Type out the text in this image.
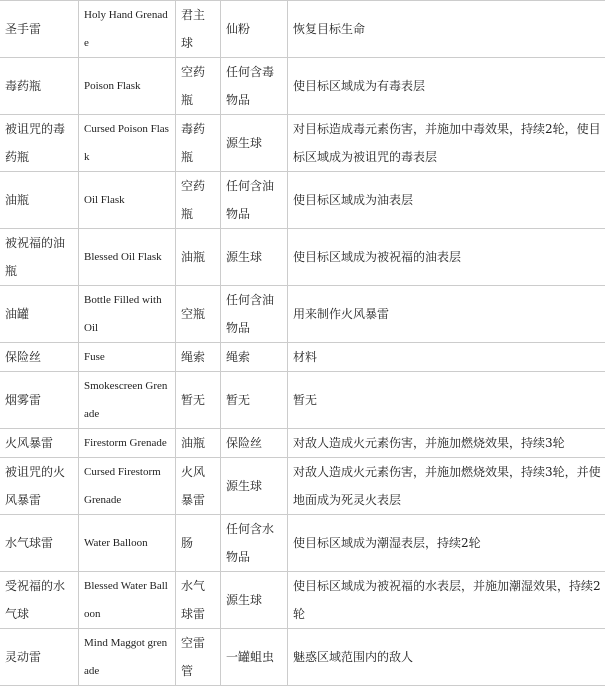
圣手雷	Holy Hand Grenade	君主球	仙粉	恢复目标生命
毒药瓶	Poison Flask	空药瓶	任何含毒物品	使目标区域成为有毒表层
被诅咒的毒药瓶	Cursed Poison Flask	毒药瓶	源生球	对目标造成毒元素伤害，并施加中毒效果，持续2轮，使目标区域成为被诅咒的毒表层
油瓶	Oil Flask	空药瓶	任何含油物品	使目标区域成为油表层
被祝福的油瓶	Blessed Oil Flask	油瓶	源生球	使目标区域成为被祝福的油表层
油罐	Bottle Filled with Oil	空瓶	任何含油物品	用来制作火风暴雷
保险丝	Fuse	绳索	绳索	材料
烟雾雷	Smokescreen Grenade	暂无	暂无	暂无
火风暴雷	Firestorm Grenade	油瓶	保险丝	对敌人造成火元素伤害，并施加燃烧效果，持续3轮
被诅咒的火风暴雷	Cursed Firestorm Grenade	火风暴雷	源生球	对敌人造成火元素伤害，并施加燃烧效果，持续3轮，并使地面成为死灵火表层
水气球雷	Water Balloon	肠	任何含水物品	使目标区域成为潮湿表层，持续2轮
受祝福的水气球	Blessed Water Balloon	水气球雷	源生球	使目标区域成为被祝福的水表层，并施加潮湿效果，持续2轮
灵动雷	Mind Maggot grenade	空雷管	一罐蛆虫	魅惑区域范围内的敌人
